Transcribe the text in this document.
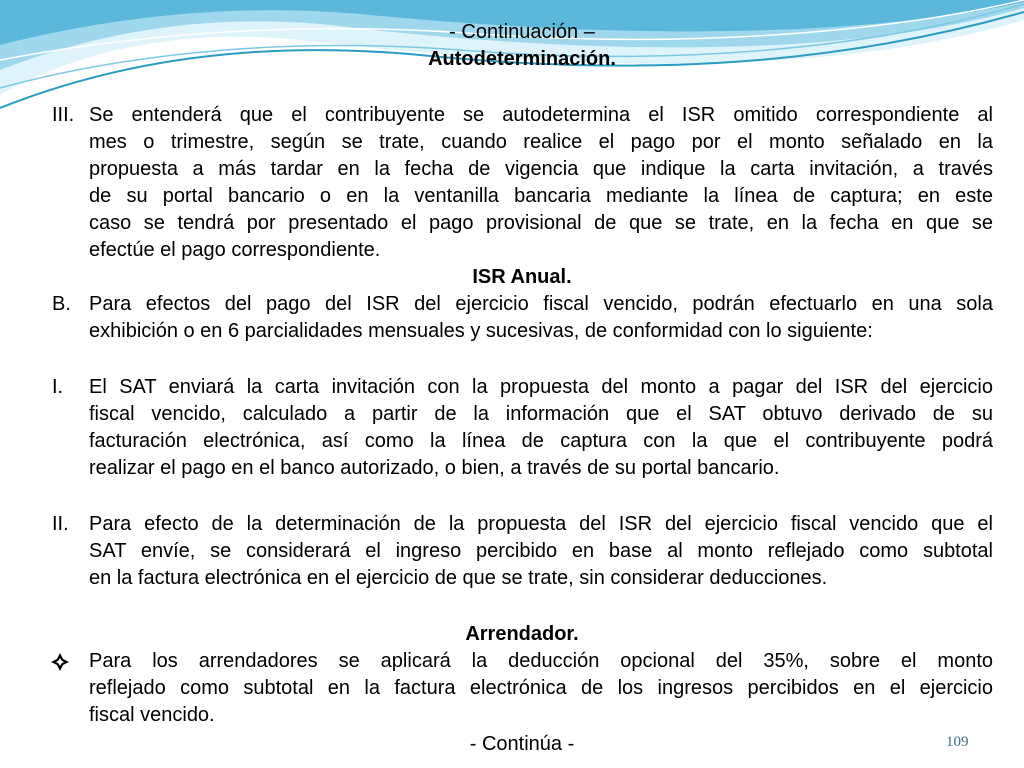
- Continuación –
Autodeterminación.
III. Se entenderá que el contribuyente se autodetermina el ISR omitido correspondiente al
mes o trimestre, según se trate, cuando realice el pago por el monto señalado en la
propuesta a más tardar en la fecha de vigencia que indique la carta invitación, a través
de su portal bancario o en la ventanilla bancaria mediante la línea de captura; en este
caso se tendrá por presentado el pago provisional de que se trate, en la fecha en que se
efectúe el pago correspondiente.
ISR Anual.
B. Para efectos del pago del ISR del ejercicio fiscal vencido, podrán efectuarlo en una sola
exhibición o en 6 parcialidades mensuales y sucesivas, de conformidad con lo siguiente:
I. El SAT enviará la carta invitación con la propuesta del monto a pagar del ISR del ejercicio
fiscal vencido, calculado a partir de la información que el SAT obtuvo derivado de su
facturación electrónica, así como la línea de captura con la que el contribuyente podrá
realizar el pago en el banco autorizado, o bien, a través de su portal bancario.
II. Para efecto de la determinación de la propuesta del ISR del ejercicio fiscal vencido que el
SAT envíe, se considerará el ingreso percibido en base al monto reflejado como subtotal
en la factura electrónica en el ejercicio de que se trate, sin considerar deducciones.
Arrendador.
Para los arrendadores se aplicará la deducción opcional del 35%, sobre el monto
reflejado como subtotal en la factura electrónica de los ingresos percibidos en el ejercicio
fiscal vencido.
- Continúa -	109
